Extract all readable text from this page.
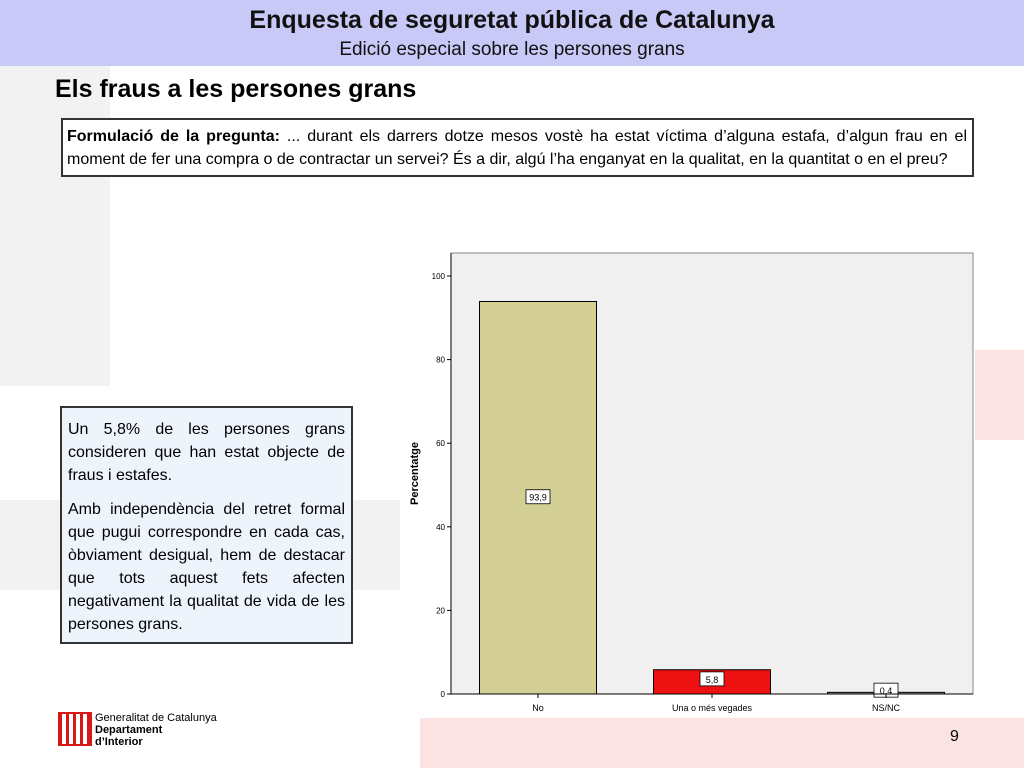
Enquesta de seguretat pública de Catalunya
Edició especial sobre les persones grans
Els fraus a les persones grans
Formulació de la pregunta: ... durant els darrers dotze mesos vostè ha estat víctima d’alguna estafa, d’algun frau en el moment de fer una compra o de contractar un servei? És a dir, algú l’ha enganyat en la qualitat, en la quantitat o en el preu?

Un 5,8% de les persones grans consideren que han estat objecte de fraus i estafes.

Amb independència del retret formal que pugui correspondre en cada cas, òbviament desigual, hem de destacar que tots aquest fets afecten negativament la qualitat de vida de les persones grans.

0
20
40
60
80
100
93,9
5,8
0,4
No	Una o més vegades	NS/NC
Percentatge
Generalitat de Catalunya
Departament
d’Interior	9
